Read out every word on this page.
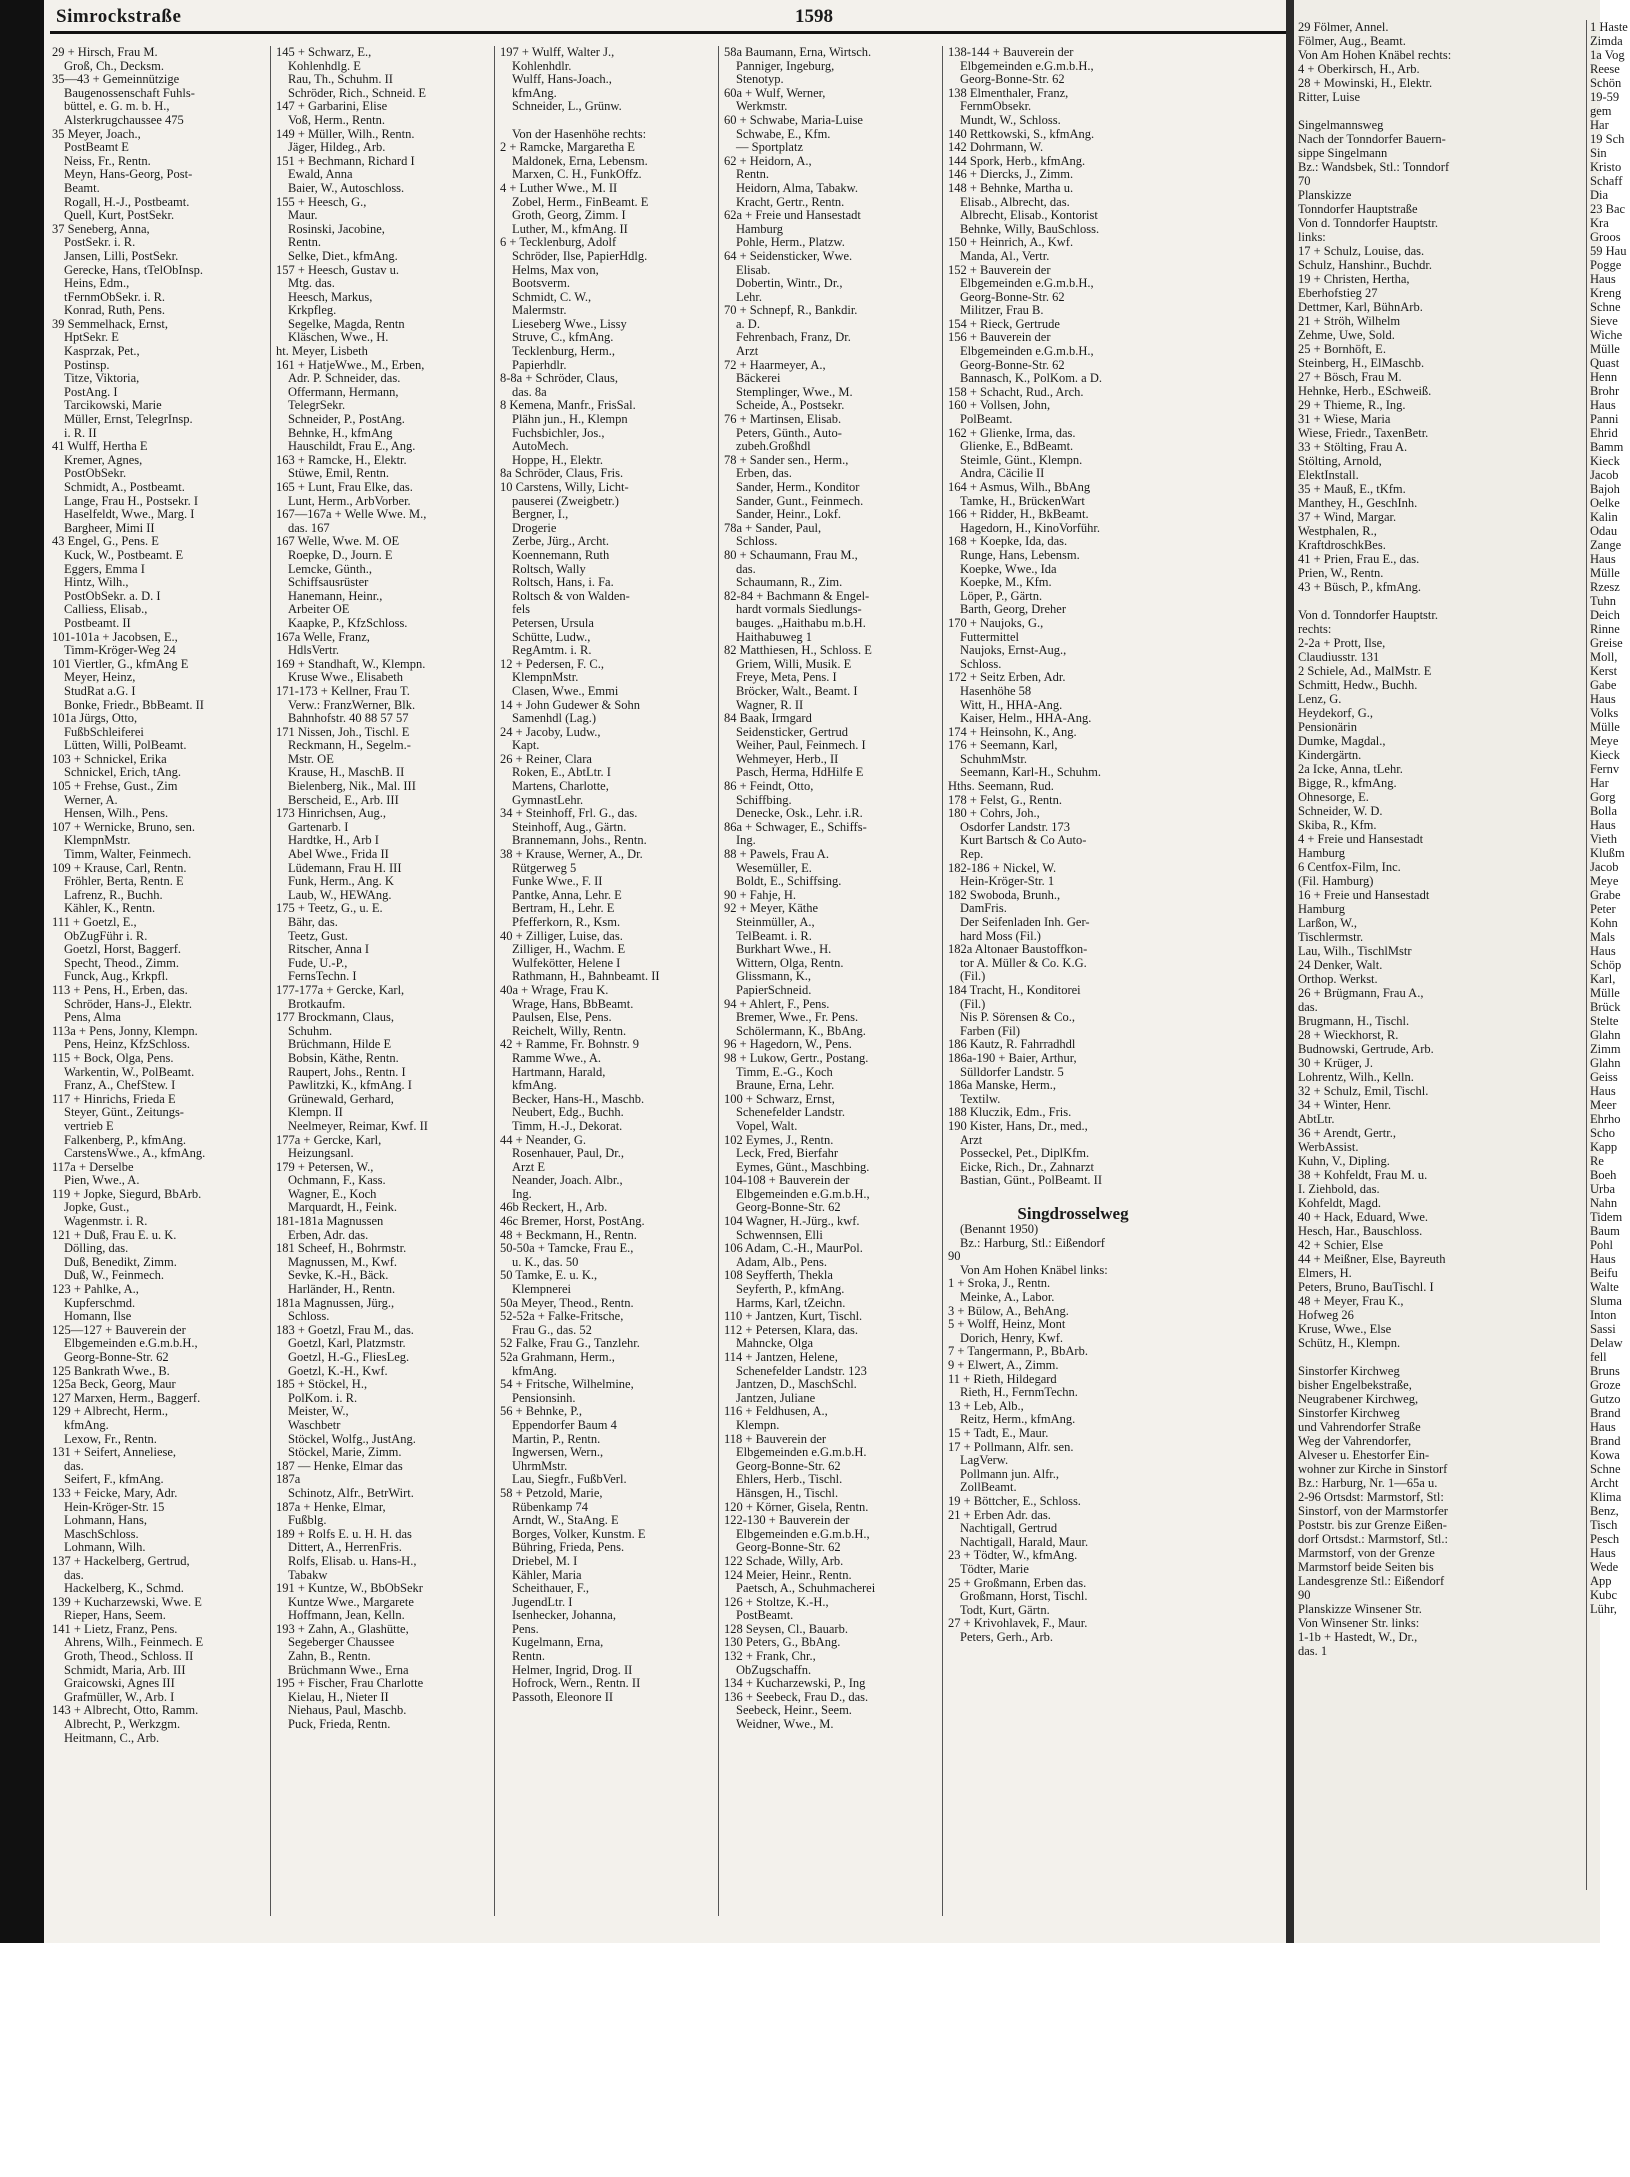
29 Fölmer, Annel.
Fölmer, Aug., Beamt.
Von Am Hohen Knäbel rechts:
4 + Oberkirsch, H., Arb.
28 + Mowinski, H., Elektr.
Ritter, Luise

Singelmannsweg
Nach der Tonndorfer Bauern-
sippe Singelmann
Bz.: Wandsbek, Stl.: Tonndorf
70
Planskizze
Tonndorfer Hauptstraße
Von d. Tonndorfer Hauptstr.
links:
17 + Schulz, Louise, das.
Schulz, Hanshinr., Buchdr.
19 + Christen, Hertha,
Eberhofstieg 27
Dettmer, Karl, BühnArb.
21 + Ströh, Wilhelm
Zehme, Uwe, Sold.
25 + Bornhöft, E.
Steinberg, H., ElMaschb.
27 + Bösch, Frau M.
Hehnke, Herb., ESchweiß.
29 + Thieme, R., Ing.
31 + Wiese, Maria
Wiese, Friedr., TaxenBetr.
33 + Stölting, Frau A.
Stölting, Arnold,
ElektInstall.
35 + Mauß, E., tKfm.
Manthey, H., GeschInh.
37 + Wind, Margar.
Westphalen, R.,
KraftdroschkBes.
41 + Prien, Frau E., das.
Prien, W., Rentn.
43 + Büsch, P., kfmAng.

Von d. Tonndorfer Hauptstr.
rechts:
2-2a + Prott, Ilse,
Claudiusstr. 131
2 Schiele, Ad., MalMstr. E
Schmitt, Hedw., Buchh.
Lenz, G.
Heydekorf, G.,
Pensionärin
Dumke, Magdal.,
Kindergärtn.
2a Icke, Anna, tLehr.
Bigge, R., kfmAng.
Ohnesorge, E.
Schneider, W. D.
Skiba, R., Kfm.
4 + Freie und Hansestadt
Hamburg
6 Centfox-Film, Inc.
(Fil. Hamburg)
16 + Freie und Hansestadt
Hamburg
Larßon, W.,
Tischlermstr.
Lau, Wilh., TischlMstr
24 Denker, Walt.
Orthop. Werkst.
26 + Brügmann, Frau A.,
das.
Brugmann, H., Tischl.
28 + Wieckhorst, R.
Budnowski, Gertrude, Arb.
30 + Krüger, J.
Lohrentz, Wilh., Kelln.
32 + Schulz, Emil, Tischl.
34 + Winter, Henr.
AbtLtr.
36 + Arendt, Gertr.,
WerbAssist.
Kuhn, V., Dipling.
38 + Kohfeldt, Frau M. u.
I. Ziehbold, das.
Kohfeldt, Magd.
40 + Hack, Eduard, Wwe.
Hesch, Har., Bauschloss.
42 + Schier, Else
44 + Meißner, Else, Bayreuth
Elmers, H.
Peters, Bruno, BauTischl. I
48 + Meyer, Frau K.,
Hofweg 26
Kruse, Wwe., Else
Schütz, H., Klempn.

Sinstorfer Kirchweg
bisher Engelbekstraße,
Neugrabener Kirchweg,
Sinstorfer Kirchweg
und Vahrendorfer Straße
Weg der Vahrendorfer,
Alveser u. Ehestorfer Ein-
wohner zur Kirche in Sinstorf
Bz.: Harburg, Nr. 1—65a u.
2-96 Ortsdst: Marmstorf, Stl:
Sinstorf, von der Marmstorfer
Poststr. bis zur Grenze Eißen-
dorf Ortsdst.: Marmstorf, Stl.:
Marmstorf, von der Grenze
Marmstorf beide Seiten bis
Landesgrenze Stl.: Eißendorf
90
Planskizze Winsener Str.
Von Winsener Str. links:
1-1b + Hastedt, W., Dr.,
das. 1
1 Haste
Zimda
1a Vog
Reese
Schön
19-59
gem
Har
19 Sch
Sin
Kristo
Schaff
Dia
23 Bac
Kra
Groos
59 Hau
Pogge
Haus
Kreng
Schne
Sieve
Wiche
Mülle
Quast
Henn
Brohr
Haus
Panni
Ehrid
Bamm
Kieck
Jacob
Bajoh
Oelke
Kalin
Odau
Zange
Haus
Mülle
Rzesz
Tuhn
Deich
Rinne
Greise
Moll,
Kerst
Gabe
Haus
Volks
Mülle
Meye
Kieck
Fernv
Har
Gorg
Bolla
Haus
Vieth
Klußm
Jacob
Meye
Grabe
Peter
Kohn
Mals
Haus
Schöp
Karl,
Mülle
Brück
Stelte
Glahn
Zimm
Glahn
Geiss
Haus
Meer
Ehrho
Scho
Kapp
Re
Boeh
Urba
Nahn
Tidem
Baum
Pohl
Haus
Beifu
Walte
Sluma
Inton
Sassi
Delaw
fell
Bruns
Groze
Gutzo
Brand
Haus
Brand
Kowa
Schne
Archt
Klima
Benz,
Tisch
Pesch
Haus
Wede
App
Kubc
Lühr,
Simrockstraße	1598
29 + Hirsch, Frau M.
Groß, Ch., Decksm.
35—43 + Gemeinnützige
Baugenossenschaft Fuhls-
büttel, e. G. m. b. H.,
Alsterkrugchaussee 475
35 Meyer, Joach.,
PostBeamt E
Neiss, Fr., Rentn.
Meyn, Hans-Georg, Post-
Beamt.
Rogall, H.-J., Postbeamt.
Quell, Kurt, PostSekr.
37 Seneberg, Anna,
PostSekr. i. R.
Jansen, Lilli, PostSekr.
Gerecke, Hans, tTelObInsp.
Heins, Edm.,
tFernmObSekr. i. R.
Konrad, Ruth, Pens.
39 Semmelhack, Ernst,
HptSekr. E
Kasprzak, Pet.,
Postinsp.
Titze, Viktoria,
PostAng. I
Tarcikowski, Marie
Müller, Ernst, TelegrInsp.
i. R. II
41 Wulff, Hertha E
Kremer, Agnes,
PostObSekr.
Schmidt, A., Postbeamt.
Lange, Frau H., Postsekr. I
Haselfeldt, Wwe., Marg. I
Bargheer, Mimi II
43 Engel, G., Pens. E
Kuck, W., Postbeamt. E
Eggers, Emma I
Hintz, Wilh.,
PostObSekr. a. D. I
Calliess, Elisab.,
Postbeamt. II
101-101a + Jacobsen, E.,
Timm-Kröger-Weg 24
101 Viertler, G., kfmAng E
Meyer, Heinz,
StudRat a.G. I
Bonke, Friedr., BbBeamt. II
101a Jürgs, Otto,
FußbSchleiferei
Lütten, Willi, PolBeamt.
103 + Schnickel, Erika
Schnickel, Erich, tAng.
105 + Frehse, Gust., Zim
Werner, A.
Hensen, Wilh., Pens.
107 + Wernicke, Bruno, sen.
KlempnMstr.
Timm, Walter, Feinmech.
109 + Krause, Carl, Rentn.
Fröhler, Berta, Rentn. E
Lafrenz, R., Buchh.
Kähler, K., Rentn.
111 + Goetzl, E.,
ObZugFühr i. R.
Goetzl, Horst, Baggerf.
Specht, Theod., Zimm.
Funck, Aug., Krkpfl.
113 + Pens, H., Erben, das.
Schröder, Hans-J., Elektr.
Pens, Alma
113a + Pens, Jonny, Klempn.
Pens, Heinz, KfzSchloss.
115 + Bock, Olga, Pens.
Warkentin, W., PolBeamt.
Franz, A., ChefStew. I
117 + Hinrichs, Frieda E
Steyer, Günt., Zeitungs-
vertrieb E
Falkenberg, P., kfmAng.
CarstensWwe., A., kfmAng.
117a + Derselbe
Pien, Wwe., A.
119 + Jopke, Siegurd, BbArb.
Jopke, Gust.,
Wagenmstr. i. R.
121 + Duß, Frau E. u. K.
Dölling, das.
Duß, Benedikt, Zimm.
Duß, W., Feinmech.
123 + Pahlke, A.,
Kupferschmd.
Homann, Ilse
125—127 + Bauverein der
Elbgemeinden e.G.m.b.H.,
Georg-Bonne-Str. 62
125 Bankrath Wwe., B.
125a Beck, Georg, Maur
127 Marxen, Herm., Baggerf.
129 + Albrecht, Herm.,
kfmAng.
Lexow, Fr., Rentn.
131 + Seifert, Anneliese,
das.
Seifert, F., kfmAng.
133 + Feicke, Mary, Adr.
Hein-Kröger-Str. 15
Lohmann, Hans,
MaschSchloss.
Lohmann, Wilh.
137 + Hackelberg, Gertrud,
das.
Hackelberg, K., Schmd.
139 + Kucharzewski, Wwe. E
Rieper, Hans, Seem.
141 + Lietz, Franz, Pens.
Ahrens, Wilh., Feinmech. E
Groth, Theod., Schloss. II
Schmidt, Maria, Arb. III
Graicowski, Agnes III
Grafmüller, W., Arb. I
143 + Albrecht, Otto, Ramm.
Albrecht, P., Werkzgm.
Heitmann, C., Arb.
145 + Schwarz, E.,
Kohlenhdlg. E
Rau, Th., Schuhm. II
Schröder, Rich., Schneid. E
147 + Garbarini, Elise
Voß, Herm., Rentn.
149 + Müller, Wilh., Rentn.
Jäger, Hildeg., Arb.
151 + Bechmann, Richard I
Ewald, Anna
Baier, W., Autoschloss.
155 + Heesch, G.,
Maur.
Rosinski, Jacobine,
Rentn.
Selke, Diet., kfmAng.
157 + Heesch, Gustav u.
Mtg. das.
Heesch, Markus,
Krkpfleg.
Segelke, Magda, Rentn
Kläschen, Wwe., H.
ht. Meyer, Lisbeth
161 + HatjeWwe., M., Erben,
Adr. P. Schneider, das.
Offermann, Hermann,
TelegrSekr.
Schneider, P., PostAng.
Behnke, H., kfmAng
Hauschildt, Frau E., Ang.
163 + Ramcke, H., Elektr.
Stüwe, Emil, Rentn.
165 + Lunt, Frau Elke, das.
Lunt, Herm., ArbVorber.
167—167a + Welle Wwe. M.,
das. 167
167 Welle, Wwe. M. OE
Roepke, D., Journ. E
Lemcke, Günth.,
Schiffsausrüster
Hanemann, Heinr.,
Arbeiter OE
Kaapke, P., KfzSchloss.
167a Welle, Franz,
HdlsVertr.
169 + Standhaft, W., Klempn.
Kruse Wwe., Elisabeth
171-173 + Kellner, Frau T.
Verw.: FranzWerner, Blk.
Bahnhofstr. 40 88 57 57
171 Nissen, Joh., Tischl. E
Reckmann, H., Segelm.-
Mstr. OE
Krause, H., MaschB. II
Bielenberg, Nik., Mal. III
Berscheid, E., Arb. III
173 Hinrichsen, Aug.,
Gartenarb. I
Hardtke, H., Arb I
Abel Wwe., Frida II
Lüdemann, Frau H. III
Funk, Herm., Ang. K
Laub, W., HEWAng.
175 + Teetz, G., u. E.
Bähr, das.
Teetz, Gust.
Ritscher, Anna I
Fude, U.-P.,
FernsTechn. I
177-177a + Gercke, Karl,
Brotkaufm.
177 Brockmann, Claus,
Schuhm.
Brüchmann, Hilde E
Bobsin, Käthe, Rentn.
Raupert, Johs., Rentn. I
Pawlitzki, K., kfmAng. I
Grünewald, Gerhard,
Klempn. II
Neelmeyer, Reimar, Kwf. II
177a + Gercke, Karl,
Heizungsanl.
179 + Petersen, W.,
Ochmann, F., Kass.
Wagner, E., Koch
Marquardt, H., Feink.
181-181a Magnussen
Erben, Adr. das.
181 Scheef, H., Bohrmstr.
Magnussen, M., Kwf.
Sevke, K.-H., Bäck.
Harländer, H., Rentn.
181a Magnussen, Jürg.,
Schloss.
183 + Goetzl, Frau M., das.
Goetzl, Karl, Platzmstr.
Goetzl, H.-G., FliesLeg.
Goetzl, K.-H., Kwf.
185 + Stöckel, H.,
PolKom. i. R.
Meister, W.,
Waschbetr
Stöckel, Wolfg., JustAng.
Stöckel, Marie, Zimm.
187 — Henke, Elmar das
187a
Schinotz, Alfr., BetrWirt.
187a + Henke, Elmar,
Fußblg.
189 + Rolfs E. u. H. H. das
Dittert, A., HerrenFris.
Rolfs, Elisab. u. Hans-H.,
Tabakw
191 + Kuntze, W., BbObSekr
Kuntze Wwe., Margarete
Hoffmann, Jean, Kelln.
193 + Zahn, A., Glashütte,
Segeberger Chaussee
Zahn, B., Rentn.
Brüchmann Wwe., Erna
195 + Fischer, Frau Charlotte
Kielau, H., Nieter II
Niehaus, Paul, Maschb.
Puck, Frieda, Rentn.
197 + Wulff, Walter J.,
Kohlenhdlr.
Wulff, Hans-Joach.,
kfmAng.
Schneider, L., Grünw.

Von der Hasenhöhe rechts:
2 + Ramcke, Margaretha E
Maldonek, Erna, Lebensm.
Marxen, C. H., FunkOffz.
4 + Luther Wwe., M. II
Zobel, Herm., FinBeamt. E
Groth, Georg, Zimm. I
Luther, M., kfmAng. II
6 + Tecklenburg, Adolf
Schröder, Ilse, PapierHdlg.
Helms, Max von,
Bootsverm.
Schmidt, C. W.,
Malermstr.
Lieseberg Wwe., Lissy
Struve, C., kfmAng.
Tecklenburg, Herm.,
Papierhdlr.
8-8a + Schröder, Claus,
das. 8a
8 Kemena, Manfr., FrisSal.
Plähn jun., H., Klempn
Fuchsbichler, Jos.,
AutoMech.
Hoppe, H., Elektr.
8a Schröder, Claus, Fris.
10 Carstens, Willy, Licht-
pauserei (Zweigbetr.)
Bergner, I.,
Drogerie
Zerbe, Jürg., Archt.
Koennemann, Ruth
Roltsch, Wally
Roltsch, Hans, i. Fa.
Roltsch & von Walden-
fels
Petersen, Ursula
Schütte, Ludw.,
RegAmtm. i. R.
12 + Pedersen, F. C.,
KlempnMstr.
Clasen, Wwe., Emmi
14 + John Gudewer & Sohn
Samenhdl (Lag.)
24 + Jacoby, Ludw.,
Kapt.
26 + Reiner, Clara
Roken, E., AbtLtr. I
Martens, Charlotte,
GymnastLehr.
34 + Steinhoff, Frl. G., das.
Steinhoff, Aug., Gärtn.
Brannemann, Johs., Rentn.
38 + Krause, Werner, A., Dr.
Rütgerweg 5
Funke Wwe., F. II
Pantke, Anna, Lehr. E
Bertram, H., Lehr. E
Pfefferkorn, R., Ksm.
40 + Zilliger, Luise, das.
Zilliger, H., Wachm. E
Wulfekötter, Helene I
Rathmann, H., Bahnbeamt. II
40a + Wrage, Frau K.
Wrage, Hans, BbBeamt.
Paulsen, Else, Pens.
Reichelt, Willy, Rentn.
42 + Ramme, Fr. Bohnstr. 9
Ramme Wwe., A.
Hartmann, Harald,
kfmAng.
Becker, Hans-H., Maschb.
Neubert, Edg., Buchh.
Timm, H.-J., Dekorat.
44 + Neander, G.
Rosenhauer, Paul, Dr.,
Arzt E
Neander, Joach. Albr.,
Ing.
46b Reckert, H., Arb.
46c Bremer, Horst, PostAng.
48 + Beckmann, H., Rentn.
50-50a + Tamcke, Frau E.,
u. K., das. 50
50 Tamke, E. u. K.,
Klempnerei
50a Meyer, Theod., Rentn.
52-52a + Falke-Fritsche,
Frau G., das. 52
52 Falke, Frau G., Tanzlehr.
52a Grahmann, Herm.,
kfmAng.
54 + Fritsche, Wilhelmine,
Pensionsinh.
56 + Behnke, P.,
Eppendorfer Baum 4
Martin, P., Rentn.
Ingwersen, Wern.,
UhrmMstr.
Lau, Siegfr., FußbVerl.
58 + Petzold, Marie,
Rübenkamp 74
Arndt, W., StaAng. E
Borges, Volker, Kunstm. E
Bühring, Frieda, Pens.
Driebel, M. I
Kähler, Maria
Scheithauer, F.,
JugendLtr. I
Isenhecker, Johanna,
Pens.
Kugelmann, Erna,
Rentn.
Helmer, Ingrid, Drog. II
Hofrock, Wern., Rentn. II
Passoth, Eleonore II
58a Baumann, Erna, Wirtsch.
Panniger, Ingeburg,
Stenotyp.
60a + Wulf, Werner,
Werkmstr.
60 + Schwabe, Maria-Luise
Schwabe, E., Kfm.
— Sportplatz
62 + Heidorn, A.,
Rentn.
Heidorn, Alma, Tabakw.
Kracht, Gertr., Rentn.
62a + Freie und Hansestadt
Hamburg
Pohle, Herm., Platzw.
64 + Seidensticker, Wwe.
Elisab.
Dobertin, Wintr., Dr.,
Lehr.
70 + Schnepf, R., Bankdir.
a. D.
Fehrenbach, Franz, Dr.
Arzt
72 + Haarmeyer, A.,
Bäckerei
Stemplinger, Wwe., M.
Scheide, A., Postsekr.
76 + Martinsen, Elisab.
Peters, Günth., Auto-
zubeh.Großhdl
78 + Sander sen., Herm.,
Erben, das.
Sander, Herm., Konditor
Sander, Gunt., Feinmech.
Sander, Heinr., Lokf.
78a + Sander, Paul,
Schloss.
80 + Schaumann, Frau M.,
das.
Schaumann, R., Zim.
82-84 + Bachmann & Engel-
hardt vormals Siedlungs-
bauges. „Haithabu m.b.H.
Haithabuweg 1
82 Matthiesen, H., Schloss. E
Griem, Willi, Musik. E
Freye, Meta, Pens. I
Bröcker, Walt., Beamt. I
Wagner, R. II
84 Baak, Irmgard
Seidensticker, Gertrud
Weiher, Paul, Feinmech. I
Wehmeyer, Herb., II
Pasch, Herma, HdHilfe E
86 + Feindt, Otto,
Schiffbing.
Denecke, Osk., Lehr. i.R.
86a + Schwager, E., Schiffs-
Ing.
88 + Pawels, Frau A.
Wesemüller, E.
Boldt, E., Schiffsing.
90 + Fahje, H.
92 + Meyer, Käthe
Steinmüller, A.,
TelBeamt. i. R.
Burkhart Wwe., H.
Wittern, Olga, Rentn.
Glissmann, K.,
PapierSchneid.
94 + Ahlert, F., Pens.
Bremer, Wwe., Fr. Pens.
Schölermann, K., BbAng.
96 + Hagedorn, W., Pens.
98 + Lukow, Gertr., Postang.
Timm, E.-G., Koch
Braune, Erna, Lehr.
100 + Schwarz, Ernst,
Schenefelder Landstr.
Vopel, Walt.
102 Eymes, J., Rentn.
Leck, Fred, Bierfahr
Eymes, Günt., Maschbing.
104-108 + Bauverein der
Elbgemeinden e.G.m.b.H.,
Georg-Bonne-Str. 62
104 Wagner, H.-Jürg., kwf.
Schwennsen, Elli
106 Adam, C.-H., MaurPol.
Adam, Alb., Pens.
108 Seyfferth, Thekla
Seyferth, P., kfmAng.
Harms, Karl, tZeichn.
110 + Jantzen, Kurt, Tischl.
112 + Petersen, Klara, das.
Mahncke, Olga
114 + Jantzen, Helene,
Schenefelder Landstr. 123
Jantzen, D., MaschSchl.
Jantzen, Juliane
116 + Feldhusen, A.,
Klempn.
118 + Bauverein der
Elbgemeinden e.G.m.b.H.
Georg-Bonne-Str. 62
Ehlers, Herb., Tischl.
Hänsgen, H., Tischl.
120 + Körner, Gisela, Rentn.
122-130 + Bauverein der
Elbgemeinden e.G.m.b.H.,
Georg-Bonne-Str. 62
122 Schade, Willy, Arb.
124 Meier, Heinr., Rentn.
Paetsch, A., Schuhmacherei
126 + Stoltze, K.-H.,
PostBeamt.
128 Seysen, Cl., Bauarb.
130 Peters, G., BbAng.
132 + Frank, Chr.,
ObZugschaffn.
134 + Kucharzewski, P., Ing
136 + Seebeck, Frau D., das.
Seebeck, Heinr., Seem.
Weidner, Wwe., M.
138-144 + Bauverein der
Elbgemeinden e.G.m.b.H.,
Georg-Bonne-Str. 62
138 Elmenthaler, Franz,
FernmObsekr.
Mundt, W., Schloss.
140 Rettkowski, S., kfmAng.
142 Dohrmann, W.
144 Spork, Herb., kfmAng.
146 + Diercks, J., Zimm.
148 + Behnke, Martha u.
Elisab., Albrecht, das.
Albrecht, Elisab., Kontorist
Behnke, Willy, BauSchloss.
150 + Heinrich, A., Kwf.
Manda, Al., Vertr.
152 + Bauverein der
Elbgemeinden e.G.m.b.H.,
Georg-Bonne-Str. 62
Militzer, Frau B.
154 + Rieck, Gertrude
156 + Bauverein der
Elbgemeinden e.G.m.b.H.,
Georg-Bonne-Str. 62
Bannasch, K., PolKom. a D.
158 + Schacht, Rud., Arch.
160 + Vollsen, John,
PolBeamt.
162 + Glienke, Irma, das.
Glienke, E., BdBeamt.
Steimle, Günt., Klempn.
Andra, Cäcilie II
164 + Asmus, Wilh., BbAng
Tamke, H., BrückenWart
166 + Ridder, H., BkBeamt.
Hagedorn, H., KinoVorführ.
168 + Koepke, Ida, das.
Runge, Hans, Lebensm.
Koepke, Wwe., Ida
Koepke, M., Kfm.
Löper, P., Gärtn.
Barth, Georg, Dreher
170 + Naujoks, G.,
Futtermittel
Naujoks, Ernst-Aug.,
Schloss.
172 + Seitz Erben, Adr.
Hasenhöhe 58
Witt, H., HHA-Ang.
Kaiser, Helm., HHA-Ang.
174 + Heinsohn, K., Ang.
176 + Seemann, Karl,
SchuhmMstr.
Seemann, Karl-H., Schuhm.
Hths. Seemann, Rud.
178 + Felst, G., Rentn.
180 + Cohrs, Joh.,
Osdorfer Landstr. 173
Kurt Bartsch & Co Auto-
Rep.
182-186 + Nickel, W.
Hein-Kröger-Str. 1
182 Swoboda, Brunh.,
DamFris.
Der Seifenladen Inh. Ger-
hard Moss (Fil.)
182a Altonaer Baustoffkon-
tor A. Müller & Co. K.G.
(Fil.)
184 Tracht, H., Konditorei
(Fil.)
Nis P. Sörensen & Co.,
Farben (Fil)
186 Kautz, R. Fahrradhdl
186a-190 + Baier, Arthur,
Sülldorfer Landstr. 5
186a Manske, Herm.,
Textilw.
188 Kluczik, Edm., Fris.
190 Kister, Hans, Dr., med.,
Arzt
Posseckel, Pet., DiplKfm.
Eicke, Rich., Dr., Zahnarzt
Bastian, Günt., PolBeamt. II

Singdrosselweg
(Benannt 1950)
Bz.: Harburg, Stl.: Eißendorf
90
Von Am Hohen Knäbel links:
1 + Sroka, J., Rentn.
Meinke, A., Labor.
3 + Bülow, A., BehAng.
5 + Wolff, Heinz, Mont
Dorich, Henry, Kwf.
7 + Tangermann, P., BbArb.
9 + Elwert, A., Zimm.
11 + Rieth, Hildegard
Rieth, H., FernmTechn.
13 + Leb, Alb.,
Reitz, Herm., kfmAng.
15 + Tadt, E., Maur.
17 + Pollmann, Alfr. sen.
LagVerw.
Pollmann jun. Alfr.,
ZollBeamt.
19 + Böttcher, E., Schloss.
21 + Erben Adr. das.
Nachtigall, Gertrud
Nachtigall, Harald, Maur.
23 + Tödter, W., kfmAng.
Tödter, Marie
25 + Großmann, Erben das.
Großmann, Horst, Tischl.
Todt, Kurt, Gärtn.
27 + Krivohlavek, F., Maur.
Peters, Gerh., Arb.
